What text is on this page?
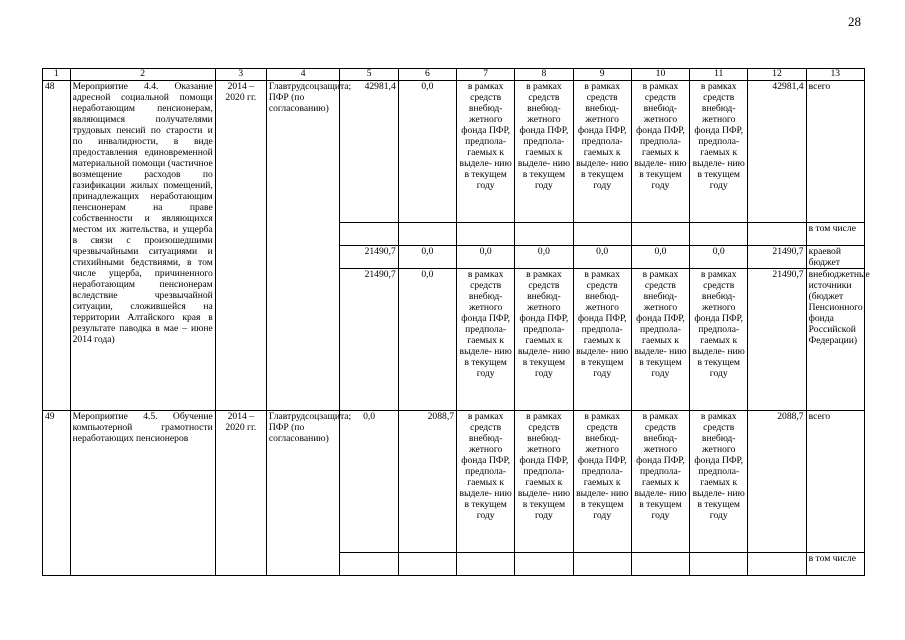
28
1	2	3	4	5	6	7	8	9	10	11	12	13
48	Мероприятие 4.4. Оказание адресной социальной помощи неработающим пенсионерам, являющимся получателями трудовых пенсий по старости и по инвалидности, в виде предоставления единовременной материальной помощи (частичное возмещение расходов по газификации жилых помещений, принадлежащих неработающим пенсионерам на праве собственности и являющихся местом их жительства, и ущерба в связи с произошедшими чрезвычайными ситуациями и стихийными бедствиями, в том числе ущерба, причиненного неработающим пенсионерам вследствие чрезвычайной ситуации, сложившейся на территории Алтайского края в результате паводка в мае – июне 2014 года)	2014 – 2020 гг.	Главтрудсоцзащита; ПФР (по согласованию)	42981,4	0,0	в рамках средств внебюд- жетного фонда ПФР, предпола- гаемых к выделе- нию в текущем году	в рамках средств внебюд- жетного фонда ПФР, предпола- гаемых к выделе- нию в текущем году	в рамках средств внебюд- жетного фонда ПФР, предпола- гаемых к выделе- нию в текущем году	в рамках средств внебюд- жетного фонда ПФР, предпола- гаемых к выделе- нию в текущем году	в рамках средств внебюд- жетного фонда ПФР, предпола- гаемых к выделе- нию в текущем году	42981,4	всего
												в том числе
				21490,7	0,0	0,0	0,0	0,0	0,0	0,0	21490,7	краевой бюджет
				21490,7	0,0	в рамках средств внебюд- жетного фонда ПФР, предпола- гаемых к выделе- нию в текущем году	в рамках средств внебюд- жетного фонда ПФР, предпола- гаемых к выделе- нию в текущем году	в рамках средств внебюд- жетного фонда ПФР, предпола- гаемых к выделе- нию в текущем году	в рамках средств внебюд- жетного фонда ПФР, предпола- гаемых к выделе- нию в текущем году	в рамках средств внебюд- жетного фонда ПФР, предпола- гаемых к выделе- нию в текущем году	21490,7	внебюджетные источники (бюджет Пенсионного фонда Российской Федерации)
49	Мероприятие 4.5. Обучение компьютерной грамотности неработающих пенсионеров	2014 – 2020 гг.	Главтрудсоцзащита; ПФР (по согласованию)	0,0	2088,7	в рамках средств внебюд- жетного фонда ПФР, предпола- гаемых к выделе- нию в текущем году	в рамках средств внебюд- жетного фонда ПФР, предпола- гаемых к выделе- нию в текущем году	в рамках средств внебюд- жетного фонда ПФР, предпола- гаемых к выделе- нию в текущем году	в рамках средств внебюд- жетного фонда ПФР, предпола- гаемых к выделе- нию в текущем году	в рамках средств внебюд- жетного фонда ПФР, предпола- гаемых к выделе- нию в текущем году	2088,7	всего
												в том числе
